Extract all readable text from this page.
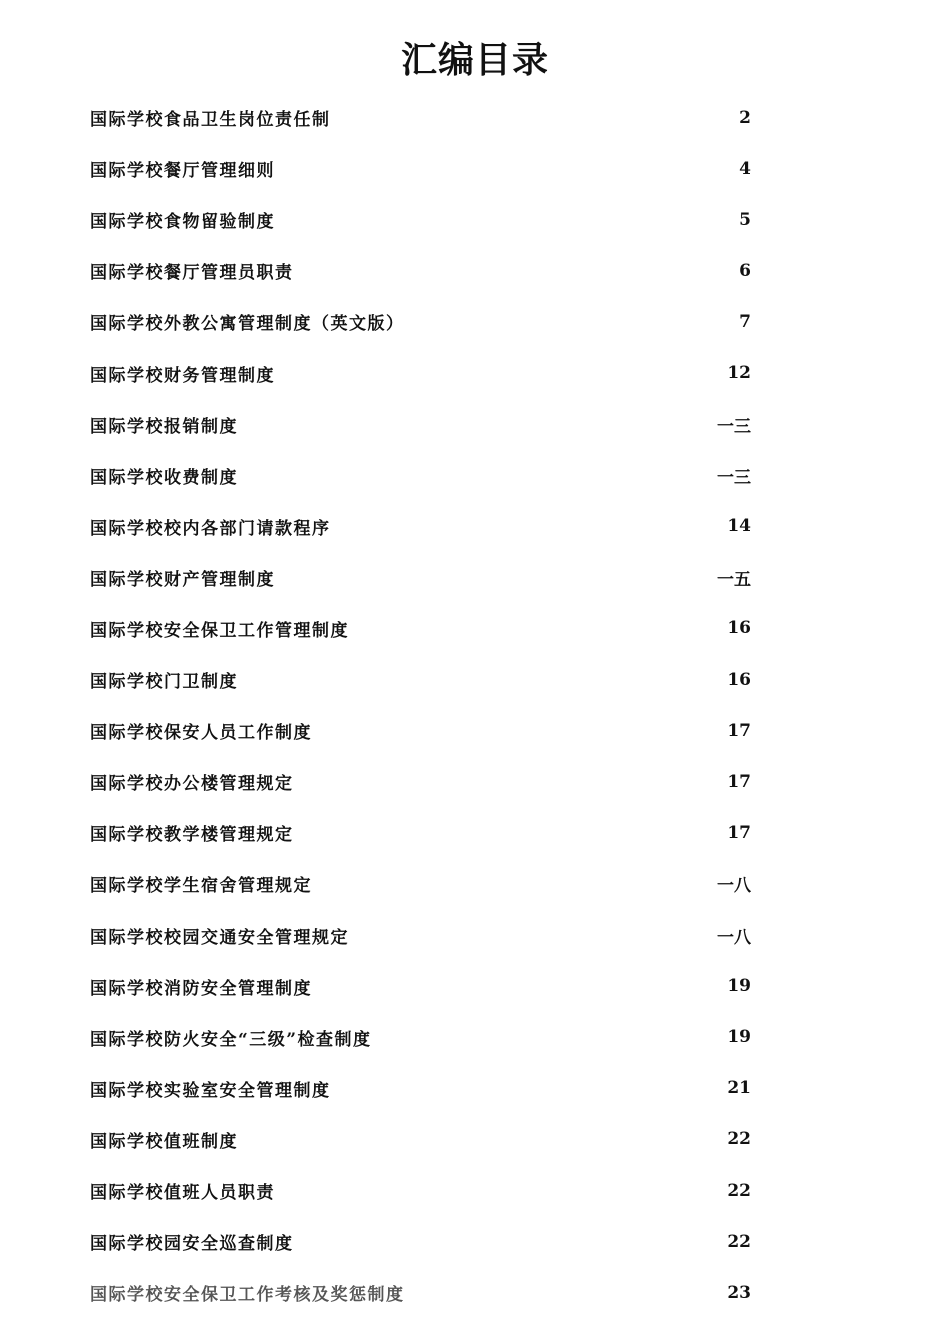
汇编目录
国际学校食品卫生岗位责任制	2
国际学校餐厅管理细则	4
国际学校食物留验制度	5
国际学校餐厅管理员职责	6
国际学校外教公寓管理制度（英文版）	7
国际学校财务管理制度	12
国际学校报销制度	一三
国际学校收费制度	一三
国际学校校内各部门请款程序	14
国际学校财产管理制度	一五
国际学校安全保卫工作管理制度	16
国际学校门卫制度	16
国际学校保安人员工作制度	17
国际学校办公楼管理规定	17
国际学校教学楼管理规定	17
国际学校学生宿舍管理规定	一八
国际学校校园交通安全管理规定	一八
国际学校消防安全管理制度	19
国际学校防火安全“三级”检查制度	19
国际学校实验室安全管理制度	21
国际学校值班制度	22
国际学校值班人员职责	22
国际学校园安全巡查制度	22
国际学校安全保卫工作考核及奖惩制度	23
